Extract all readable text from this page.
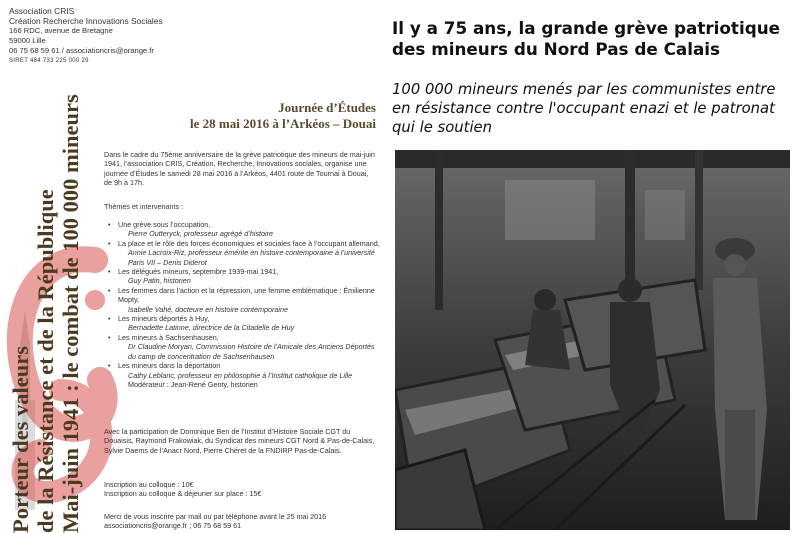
Association CRIS
Création Recherche Innovations Sociales
166 RDC, avenue de Bretagne
59000 Lille
06 75 68 59 61 / associationcris@orange.fr
SIRET 484 733 225 000 29
Journée d’Études
le 28 mai 2016 à l’Arkéos – Douai

Dans le cadre du 75ème anniversaire de la grève patriotique des mineurs de mai-juin 1941, l’association CRIS, Création, Recherche, Innovations sociales, organise une journée d’Études le samedi 28 mai 2016 à l’Arkéos, 4401 route de Tournai à Douai, de 9h à 17h.

Thèmes et intervenants :
• Une grève sous l’occupation,
Pierre Outteryck, professeur agrégé d’histoire
• La place et le rôle des forces économiques et sociales face à l’occupant allemand,
Annie Lacroix-Riz, professeur émérite en histoire contemporaine à l’université Paris VII – Denis Diderot
• Les délégués mineurs, septembre 1939-mai 1941,
Guy Patin, historien
• Les femmes dans l’action et la répression, une femme emblématique : Émilienne Mopty,
Isabelle Vahé, docteure en histoire contemporaine
• Les mineurs déportés à Huy,
Bernadette Latinne, directrice de la Citadelle de Huy
• Les mineurs à Sachsenhausen,
Dr Claudine Moryan, Commission Histoire de l’Amicale des Anciens Déportés du camp de concentration de Sachsenhausen
• Les mineurs dans la déportation
Cathy Leblanc, professeur en philosophie à l’Institut catholique de Lille
Modérateur : Jean-René Genty, historien

Avec la participation de Dominique Ben de l’Institut d’Histoire Sociale CGT du Douaisis, Raymond Frakowiak, du Syndicat des mineurs CGT Nord & Pas-de-Calais, Sylvie Daems de l’Anacr Nord, Pierre Chéret de la FNDIRP Pas-de-Calais.

Inscription au colloque : 10€
Inscription au colloque & déjeuner sur place : 15€

Merci de vous inscrire par mail ou par téléphone avant le 25 mai 2016 associationcris@orange.fr ; 06 75 68 59 61

Porteur des valeurs de la Résistance et de la République Mai-juin 1941 : le combat de 100 000 mineurs
Il y a 75 ans, la grande grève patriotique des mineurs du Nord Pas de Calais

100 000 mineurs menés par les communistes entre en résistance contre l'occupant enazi et le patronat qui le soutien
